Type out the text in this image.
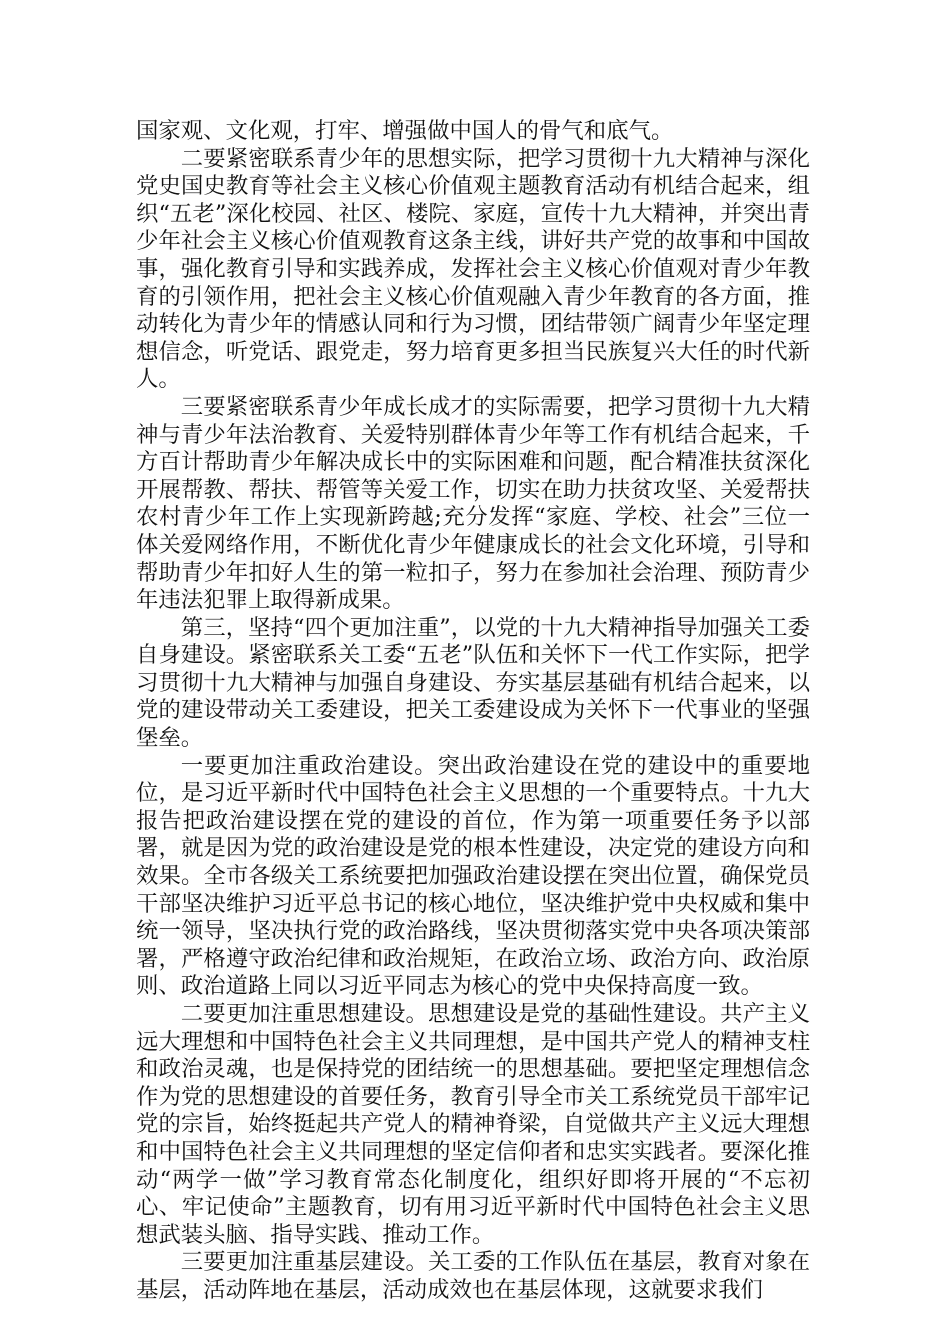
国家观、文化观，打牢、增强做中国人的骨气和底气。

二要紧密联系青少年的思想实际，把学习贯彻十九大精神与深化党史国史教育等社会主义核心价值观主题教育活动有机结合起来，组织“五老”深化校园、社区、楼院、家庭，宣传十九大精神，并突出青少年社会主义核心价值观教育这条主线，讲好共产党的故事和中国故事，强化教育引导和实践养成，发挥社会主义核心价值观对青少年教育的引领作用，把社会主义核心价值观融入青少年教育的各方面，推动转化为青少年的情感认同和行为习惯，团结带领广阔青少年坚定理想信念，听党话、跟党走，努力培育更多担当民族复兴大任的时代新人。

三要紧密联系青少年成长成才的实际需要，把学习贯彻十九大精神与青少年法治教育、关爱特别群体青少年等工作有机结合起来，千方百计帮助青少年解决成长中的实际困难和问题，配合精准扶贫深化开展帮教、帮扶、帮管等关爱工作，切实在助力扶贫攻坚、关爱帮扶农村青少年工作上实现新跨越;充分发挥“家庭、学校、社会”三位一体关爱网络作用，不断优化青少年健康成长的社会文化环境，引导和帮助青少年扣好人生的第一粒扣子，努力在参加社会治理、预防青少年违法犯罪上取得新成果。

第三，坚持“四个更加注重”，以党的十九大精神指导加强关工委自身建设。紧密联系关工委“五老”队伍和关怀下一代工作实际，把学习贯彻十九大精神与加强自身建设、夯实基层基础有机结合起来，以党的建设带动关工委建设，把关工委建设成为关怀下一代事业的坚强堡垒。

一要更加注重政治建设。突出政治建设在党的建设中的重要地位，是习近平新时代中国特色社会主义思想的一个重要特点。十九大报告把政治建设摆在党的建设的首位，作为第一项重要任务予以部署，就是因为党的政治建设是党的根本性建设，决定党的建设方向和效果。全市各级关工系统要把加强政治建设摆在突出位置，确保党员干部坚决维护习近平总书记的核心地位，坚决维护党中央权威和集中统一领导，坚决执行党的政治路线，坚决贯彻落实党中央各项决策部署，严格遵守政治纪律和政治规矩，在政治立场、政治方向、政治原则、政治道路上同以习近平同志为核心的党中央保持高度一致。

二要更加注重思想建设。思想建设是党的基础性建设。共产主义远大理想和中国特色社会主义共同理想，是中国共产党人的精神支柱和政治灵魂，也是保持党的团结统一的思想基础。要把坚定理想信念作为党的思想建设的首要任务，教育引导全市关工系统党员干部牢记党的宗旨，始终挺起共产党人的精神脊梁，自觉做共产主义远大理想和中国特色社会主义共同理想的坚定信仰者和忠实实践者。要深化推动“两学一做”学习教育常态化制度化，组织好即将开展的“不忘初心、牢记使命”主题教育，切有用习近平新时代中国特色社会主义思想武装头脑、指导实践、推动工作。

三要更加注重基层建设。关工委的工作队伍在基层，教育对象在基层，活动阵地在基层，活动成效也在基层体现，这就要求我们
